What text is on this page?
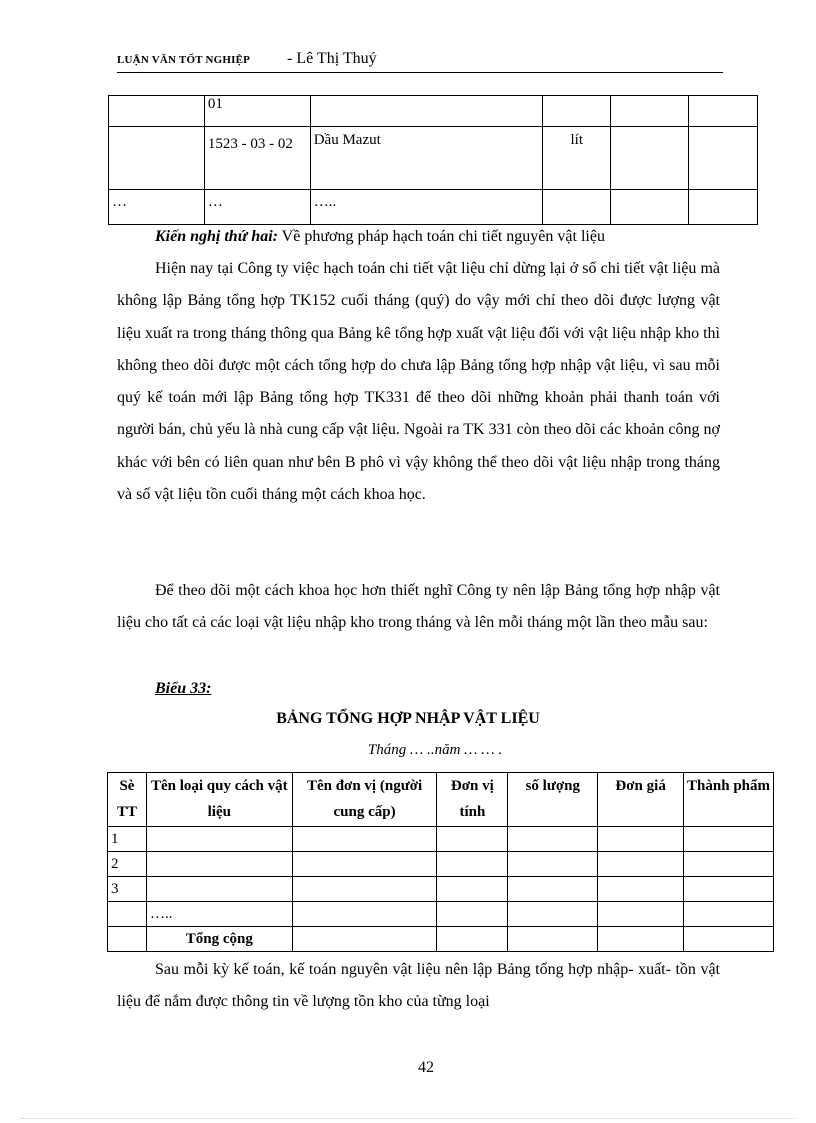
LUẬN VĂN TỐT NGHIỆP - Lê Thị Thuý
	01				
	1523 - 03 - 02	Dầu Mazut	lít		
…	…	…..			
Kiến nghị thứ hai: Về phương pháp hạch toán chi tiết nguyên vật liệu
Hiện nay tại Công ty việc hạch toán chi tiết vật liệu chỉ dừng lại ở sổ chi tiết vật liệu mà không lập Bảng tổng hợp TK152 cuối tháng (quý) do vậy mới chỉ theo dõi được lượng vật liệu xuất ra trong tháng thông qua Bảng kê tổng hợp xuất vật liệu đối với vật liệu nhập kho thì không theo dõi được một cách tổng hợp do chưa lập Bảng tổng hợp nhập vật liệu, vì sau mỗi quý kế toán mới lập Bảng tổng hợp TK331 để theo dõi những khoản phải thanh toán với người bán, chủ yếu là nhà cung cấp vật liệu. Ngoài ra TK 331 còn theo dõi các khoản công nợ khác với bên có liên quan như bên B phô vì vậy không thể theo dõi vật liệu nhập trong tháng và số vật liệu tồn cuối tháng một cách khoa học.
Để theo dõi một cách khoa học hơn thiết nghĩ Công ty nên lập Bảng tổng hợp nhập vật liệu cho tất cả các loại vật liệu nhập kho trong tháng và lên mỗi tháng một lần theo mẫu sau:
Biểu 33:
BẢNG TỔNG HỢP NHẬP VẬT LIỆU
Tháng … ..năm … … .
Sè TT	Tên loại quy cách vật liệu	Tên đơn vị (người cung cấp)	Đơn vị tính	số lượng	Đơn giá	Thành phẩm
1						
2						
3						
	…..					
	Tổng cộng					
Sau mỗi kỳ kế toán, kế toán nguyên vật liệu nên lập Bảng tổng hợp nhập- xuất- tồn vật liệu để nắm được thông tin về lượng tồn kho của từng loại
42
